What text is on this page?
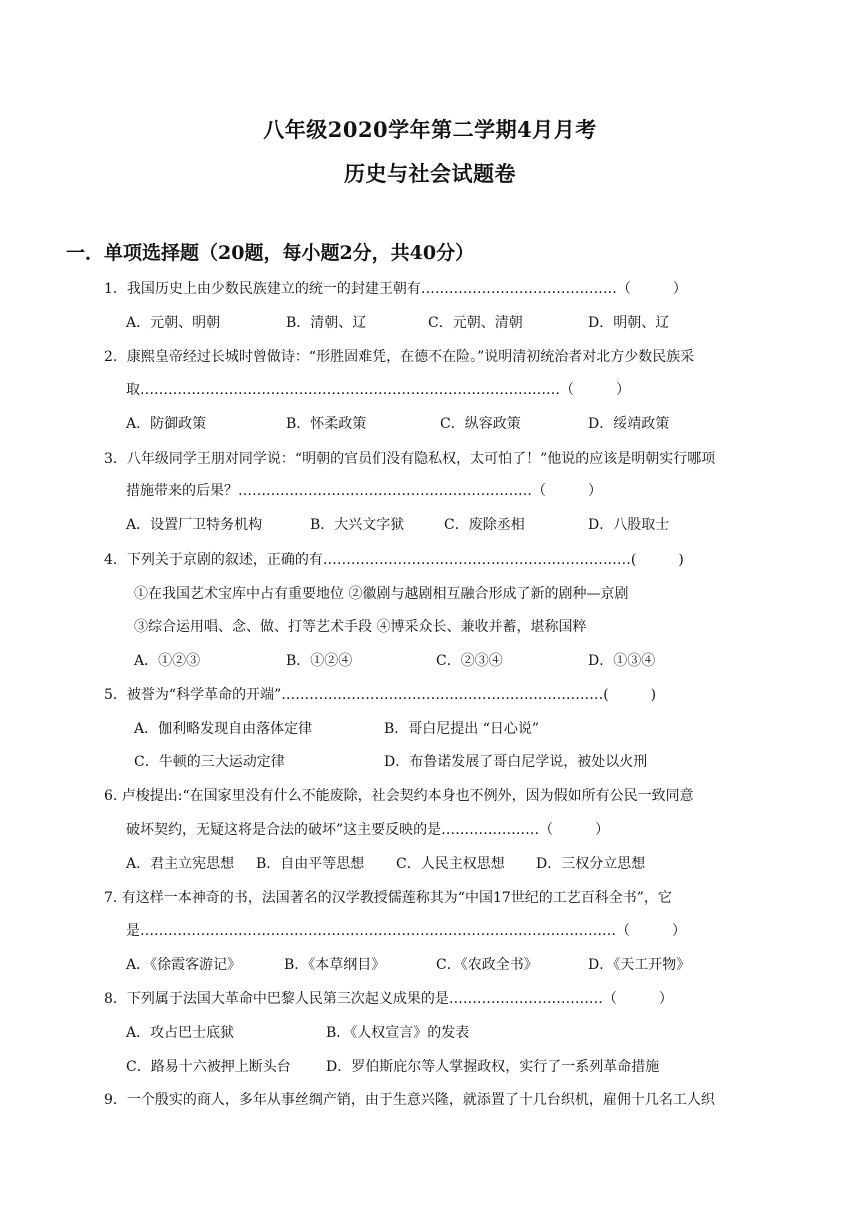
八年级2020学年第二学期4月月考
历史与社会试题卷
一．单项选择题（20题，每小题2分，共40分）
1．我国历史上由少数民族建立的统一的封建王朝有……………………………………（　　　）
A．元朝、明朝	B．清朝、辽	C．元朝、清朝	D．明朝、辽
2．康熙皇帝经过长城时曾做诗：“形胜固难凭，在德不在险。”说明清初统治者对北方少数民族采
取………………………………………………………………………………（　　　）
A．防御政策	B．怀柔政策	C．纵容政策	D．绥靖政策
3．八年级同学王朋对同学说：“明朝的官员们没有隐私权，太可怕了！”他说的应该是明朝实行哪项
措施带来的后果？………………………………………………………（　　　）
A．设置厂卫特务机构	B．大兴文字狱	C．废除丞相	D．八股取士
4．下列关于京剧的叙述，正确的有…………………………………………………………(　　　)
①在我国艺术宝库中占有重要地位 ②徽剧与越剧相互融合形成了新的剧种—京剧
③综合运用唱、念、做、打等艺术手段 ④博采众长、兼收并蓄，堪称国粹
A．①②③	B．①②④	C．②③④	D．①③④
5．被誉为“科学革命的开端”……………………………………………………………(　　　)
A．伽利略发现自由落体定律	B．哥白尼提出 “日心说”
C．牛顿的三大运动定律	D．布鲁诺发展了哥白尼学说，被处以火刑
6. 卢梭提出:“在国家里没有什么不能废除，社会契约本身也不例外，因为假如所有公民一致同意
破坏契约，无疑这将是合法的破坏”这主要反映的是…………………（　　　）
A．君主立宪思想 B．自由平等思想 C．人民主权思想 D．三权分立思想
7. 有这样一本神奇的书，法国著名的汉学教授儒莲称其为“中国17世纪的工艺百科全书”，它
是…………………………………………………………………………………………（　　　）
A．《徐霞客游记》	B．《本草纲目》	C．《农政全书》	D．《天工开物》
8．下列属于法国大革命中巴黎人民第三次起义成果的是……………………………（　　　）
A．攻占巴士底狱	B．《人权宣言》的发表
C．路易十六被押上断头台	D．罗伯斯庇尔等人掌握政权，实行了一系列革命措施
9．一个殷实的商人，多年从事丝绸产销，由于生意兴隆，就添置了十几台织机，雇佣十几名工人织
